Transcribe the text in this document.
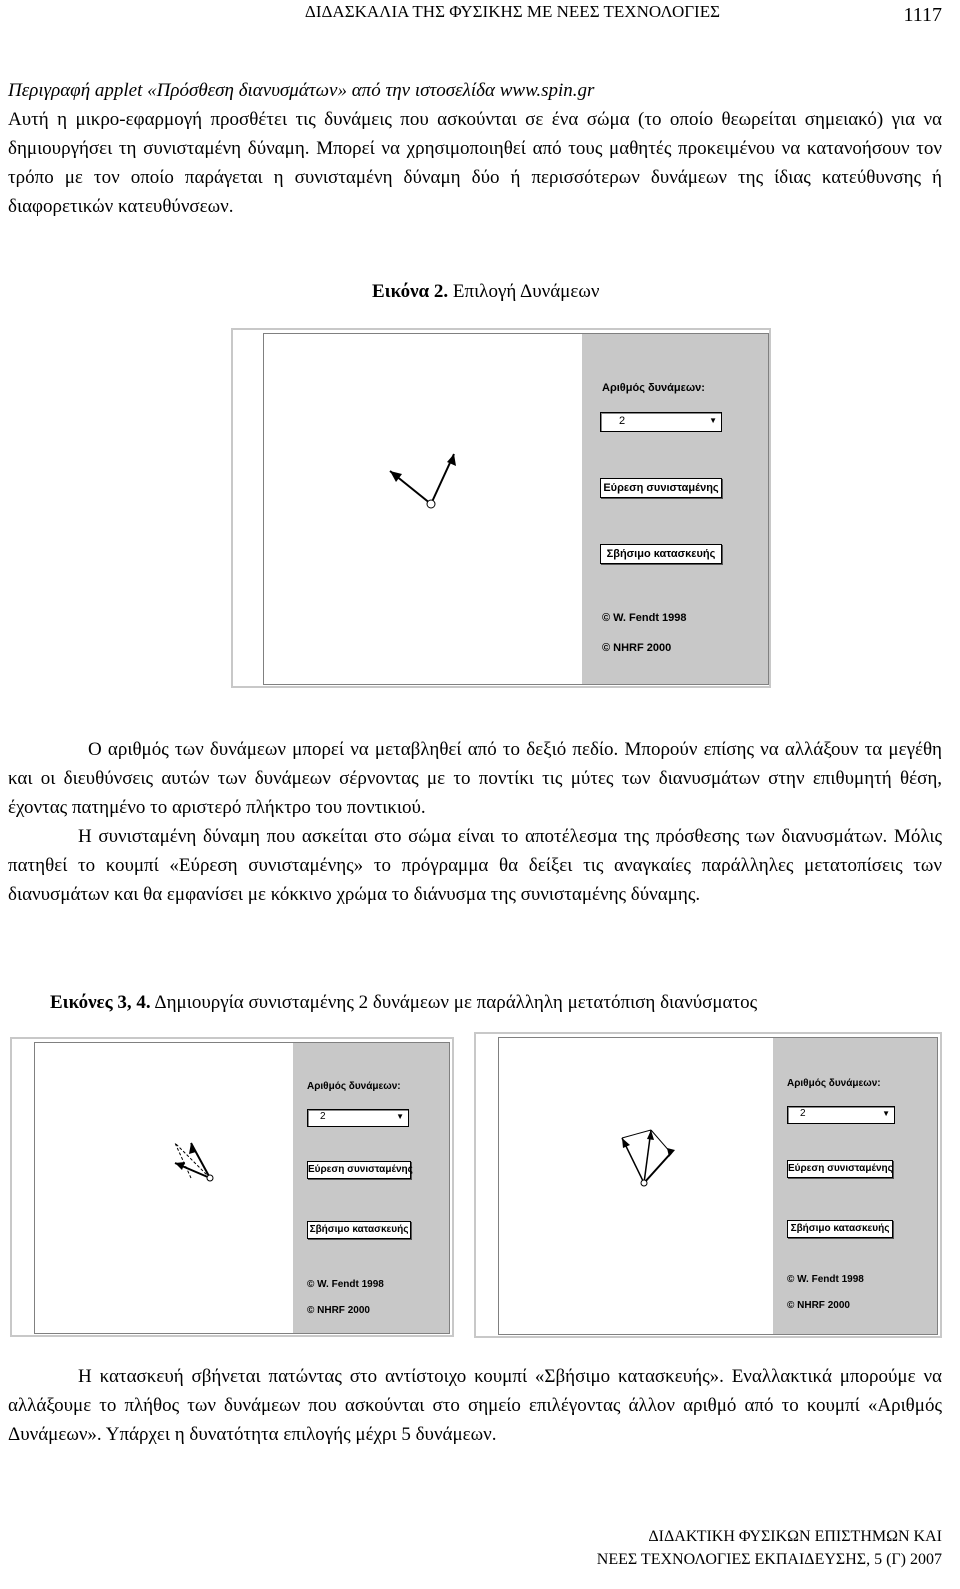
ΔΙΔΑΣΚΑΛΙΑ ΤΗΣ ΦΥΣΙΚΗΣ ΜΕ ΝΕΕΣ ΤΕΧΝΟΛΟΓΙΕΣ	1117

Περιγραφή applet «Πρόσθεση διανυσμάτων» από την ιστοσελίδα www.spin.gr

Αυτή η μικρο-εφαρμογή προσθέτει τις δυνάμεις που ασκούνται σε ένα σώμα (το οποίο θεωρείται σημειακό) για να δημιουργήσει τη συνισταμένη δύναμη. Μπορεί να χρησιμοποιηθεί από τους μαθητές προκειμένου να κατανοήσουν τον τρόπο με τον οποίο παράγεται η συνισταμένη δύναμη δύο ή περισσότερων δυνάμεων της ίδιας κατεύθυνσης ή διαφορετικών κατευθύνσεων.

Εικόνα 2. Επιλογή Δυνάμεων
Αριθμός δυνάμεων:
2	▼
Εύρεση συνισταμένης
Σβήσιμο κατασκευής
© W. Fendt 1998
© NHRF 2000

Ο αριθμός των δυνάμεων μπορεί να μεταβληθεί από το δεξιό πεδίο. Μπορούν επίσης να αλλάξουν τα μεγέθη και οι διευθύνσεις αυτών των δυνάμεων σέρνοντας με το ποντίκι τις μύτες των διανυσμάτων στην επιθυμητή θέση, έχοντας πατημένο το αριστερό πλήκτρο του ποντικιού.

Η συνισταμένη δύναμη που ασκείται στο σώμα είναι το αποτέλεσμα της πρόσθεσης των διανυσμάτων. Μόλις πατηθεί το κουμπί «Εύρεση συνισταμένης» το πρόγραμμα θα δείξει τις αναγκαίες παράλληλες μετατοπίσεις των διανυσμάτων και θα εμφανίσει με κόκκινο χρώμα το διάνυσμα της συνισταμένης δύναμης.

Εικόνες 3, 4. Δημιουργία συνισταμένης 2 δυνάμεων με παράλληλη μετατόπιση διανύσματος
Αριθμός δυνάμεων:
2	▼
Εύρεση συνισταμένης
Σβήσιμο κατασκευής
© W. Fendt 1998
© NHRF 2000
Αριθμός δυνάμεων:
2	▼
Εύρεση συνισταμένης
Σβήσιμο κατασκευής
© W. Fendt 1998
© NHRF 2000

Η κατασκευή σβήνεται πατώντας στο αντίστοιχο κουμπί «Σβήσιμο κατασκευής». Εναλλακτικά μπορούμε να αλλάξουμε το πλήθος των δυνάμεων που ασκούνται στο σημείο επιλέγοντας άλλον αριθμό από το κουμπί «Αριθμός Δυνάμεων». Υπάρχει η δυνατότητα επιλογής μέχρι 5 δυνάμεων.

ΔΙΔΑΚΤΙΚΗ ΦΥΣΙΚΩΝ ΕΠΙΣΤΗΜΩΝ ΚΑΙ
ΝΕΕΣ ΤΕΧΝΟΛΟΓΙΕΣ ΕΚΠΑΙΔΕΥΣΗΣ, 5 (Γ) 2007
